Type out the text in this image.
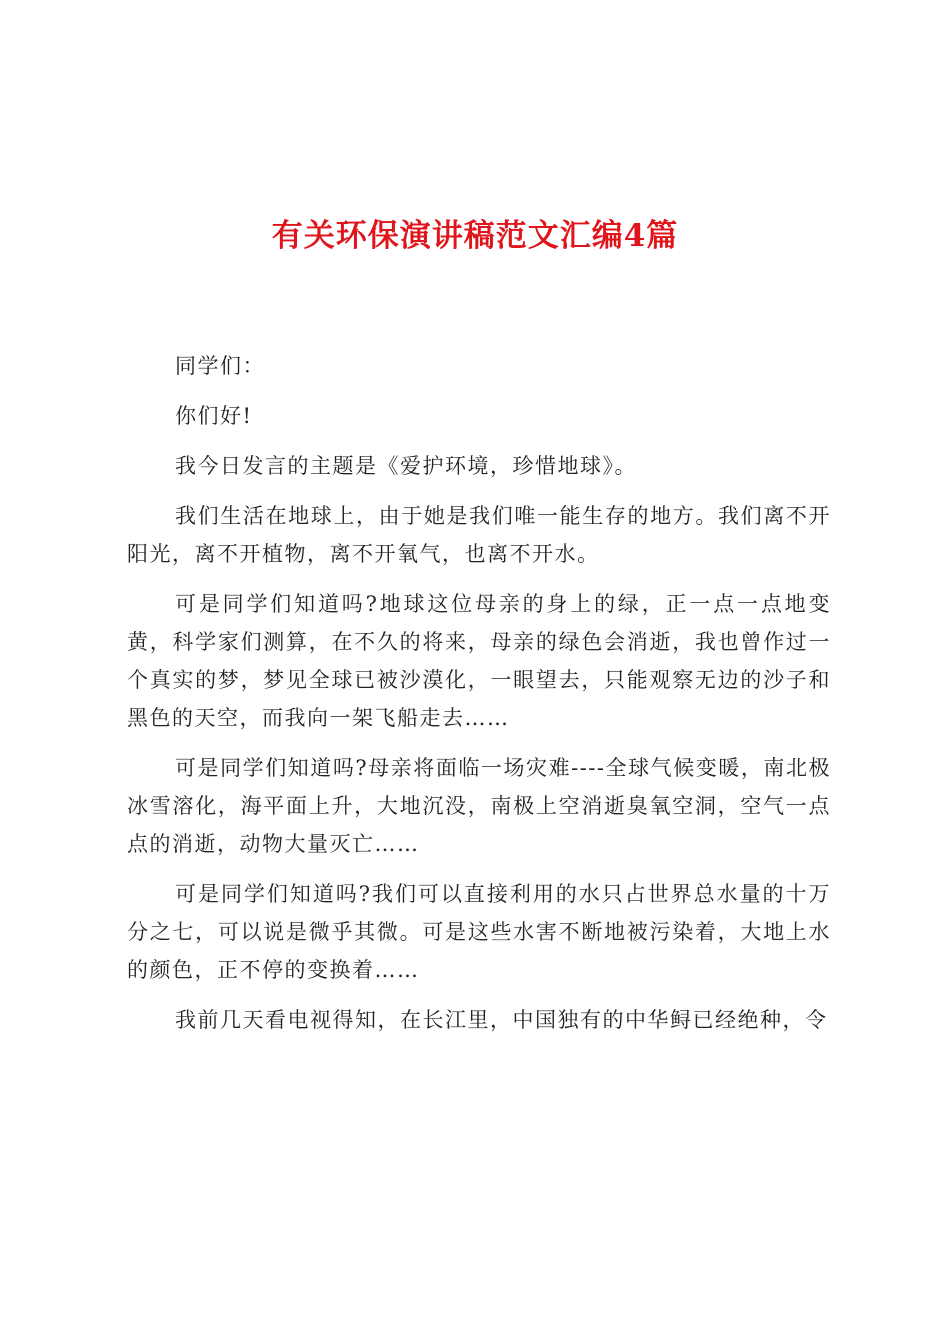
有关环保演讲稿范文汇编4篇

同学们：

你们好!

我今日发言的主题是《爱护环境，珍惜地球》。

我们生活在地球上，由于她是我们唯一能生存的地方。我们离不开阳光，离不开植物，离不开氧气，也离不开水。

可是同学们知道吗?地球这位母亲的身上的绿，正一点一点地变黄，科学家们测算，在不久的将来，母亲的绿色会消逝，我也曾作过一个真实的梦，梦见全球已被沙漠化，一眼望去，只能观察无边的沙子和黑色的天空，而我向一架飞船走去……

可是同学们知道吗?母亲将面临一场灾难----全球气候变暖，南北极冰雪溶化，海平面上升，大地沉没，南极上空消逝臭氧空洞，空气一点点的消逝，动物大量灭亡……

可是同学们知道吗?我们可以直接利用的水只占世界总水量的十万分之七，可以说是微乎其微。可是这些水害不断地被污染着，大地上水的颜色，正不停的变换着……

我前几天看电视得知，在长江里，中国独有的中华鲟已经绝种，令
